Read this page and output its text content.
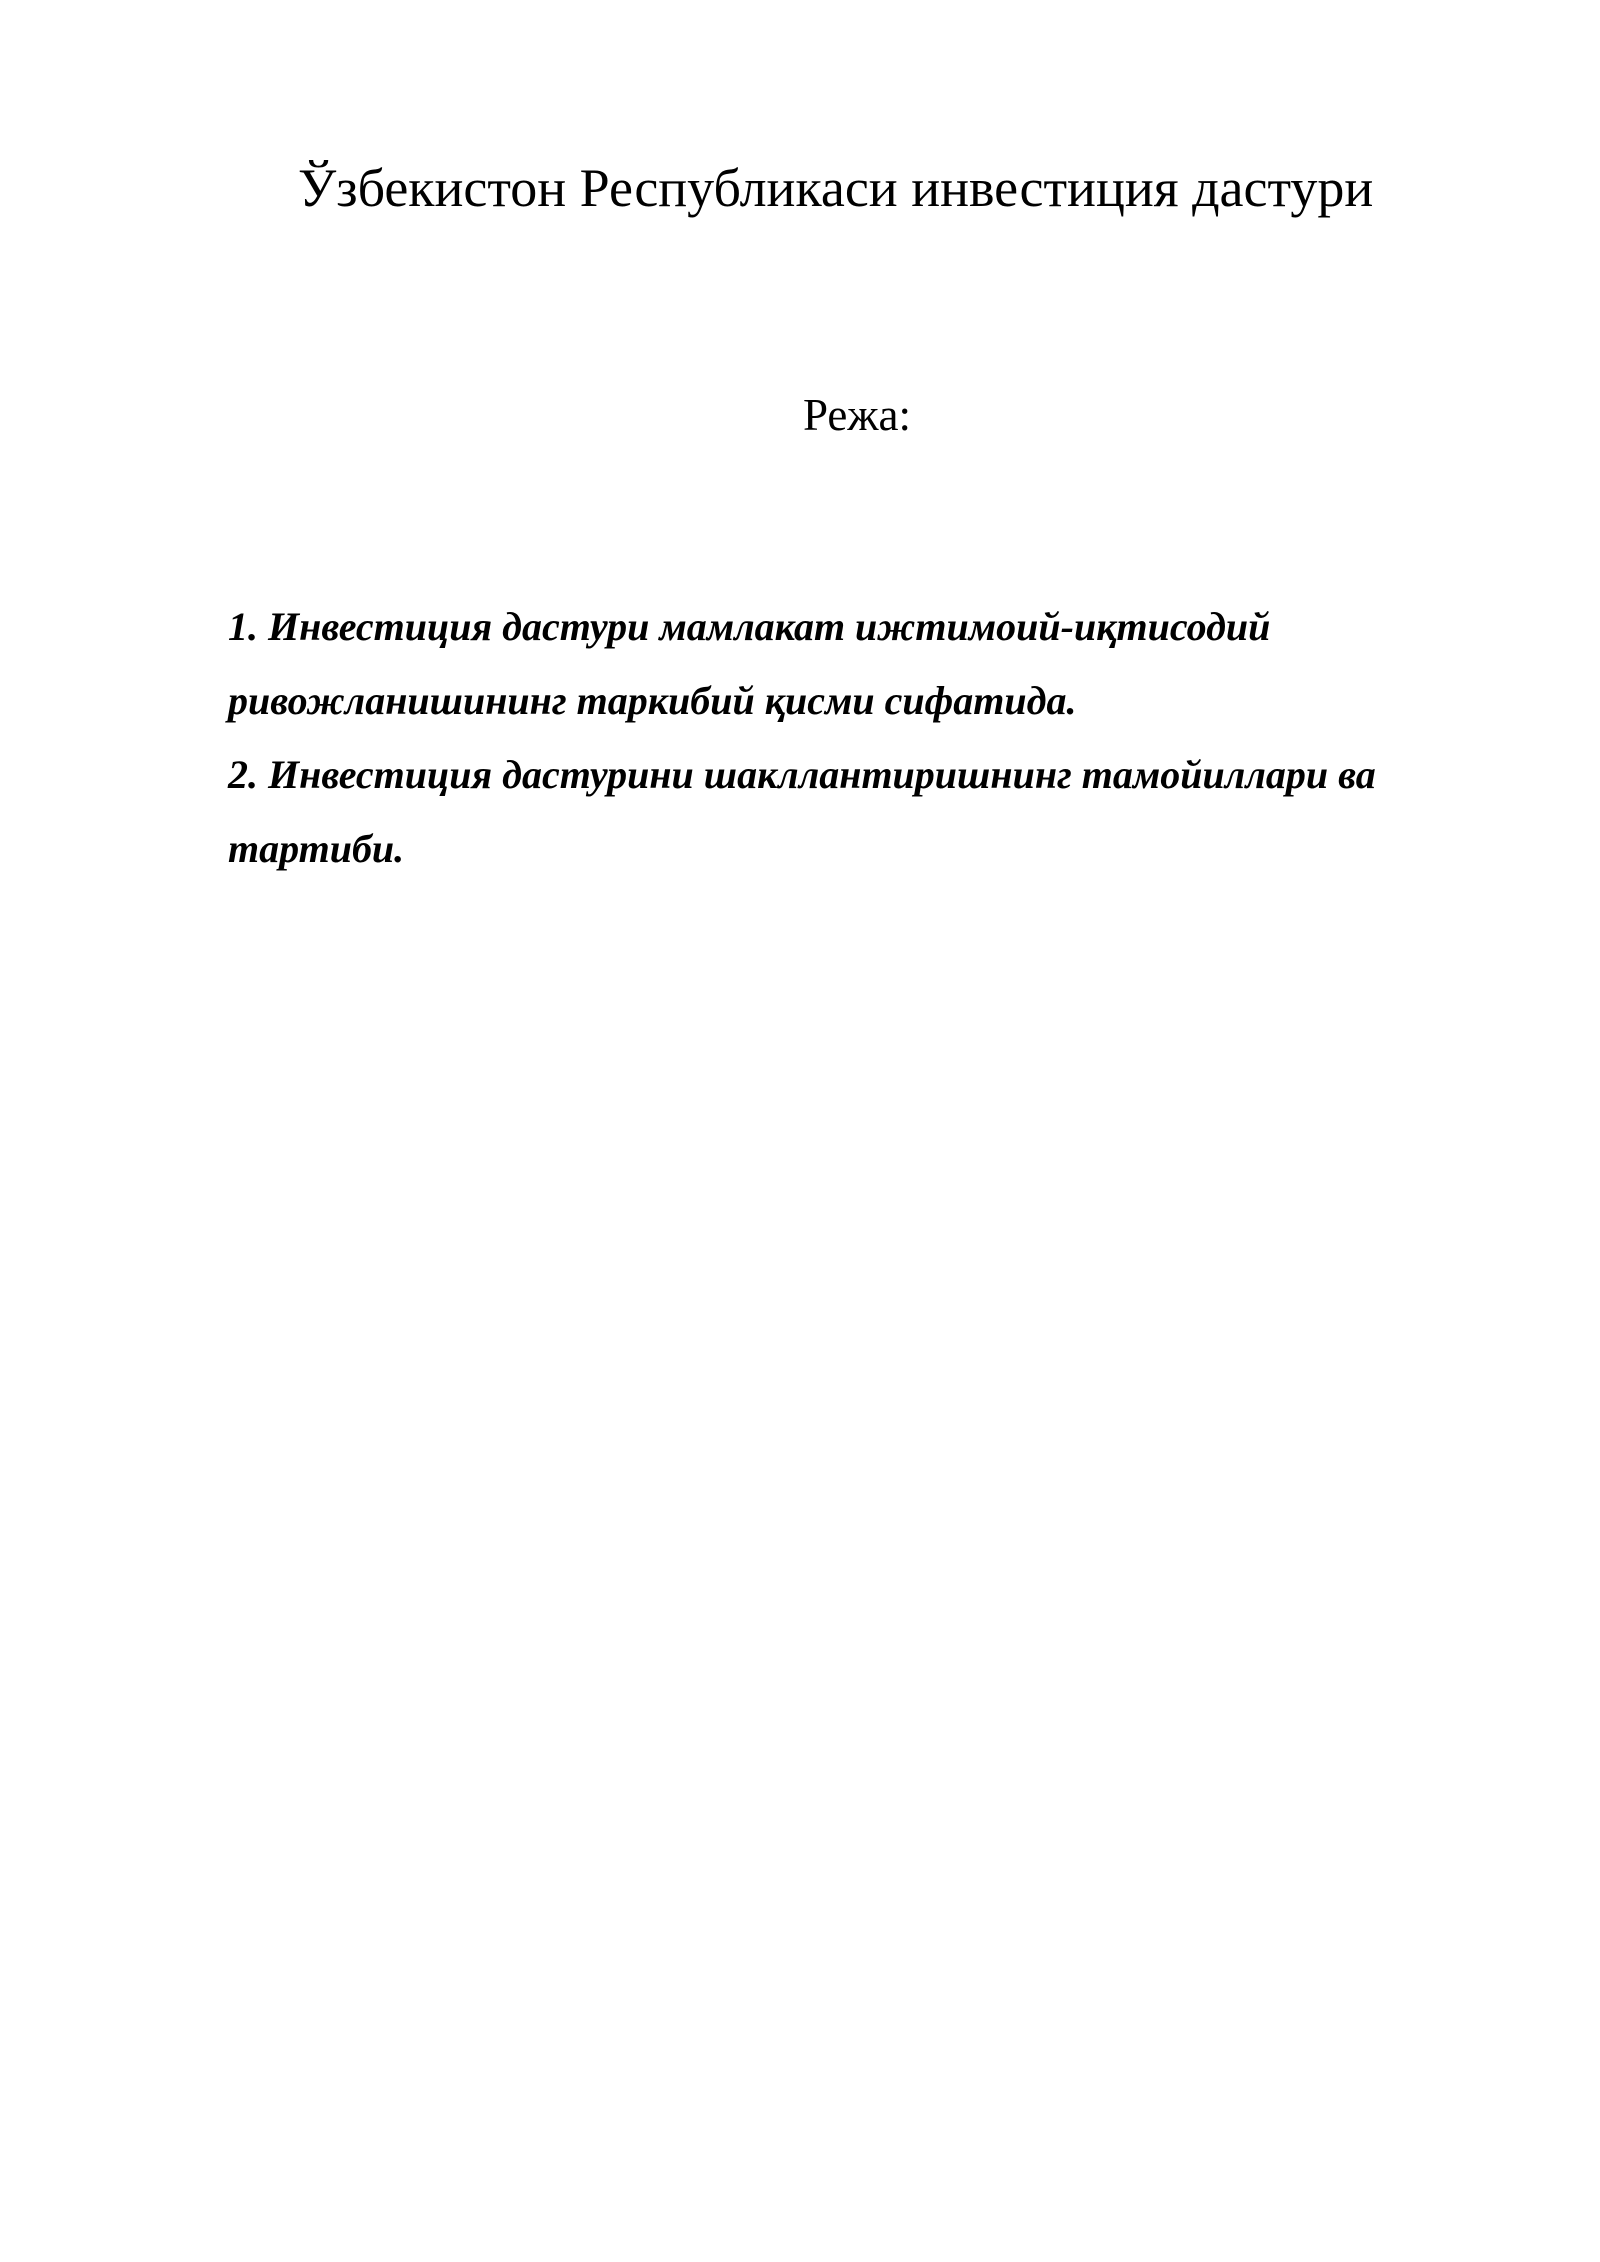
Ўзбекистон Республикаси инвестиция дастури
Режа:
1. Инвестиция дастури мамлакат ижтимоий-иқтисодий
ривожланишининг таркибий қисми сифатида.
2. Инвестиция дастурини шакллантиришнинг тамойиллари ва
тартиби.
